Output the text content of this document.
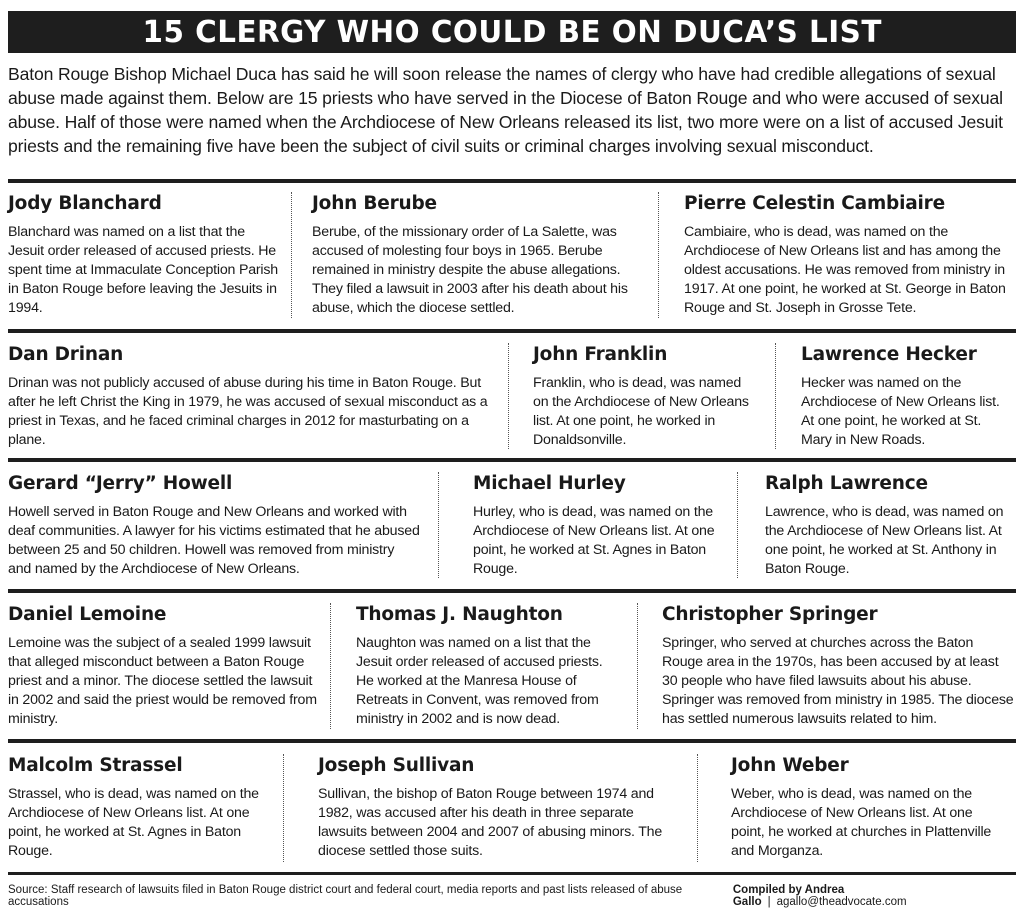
15 CLERGY WHO COULD BE ON DUCA’S LIST
Baton Rouge Bishop Michael Duca has said he will soon release the names of clergy who have had credible allegations of sexual abuse made against them. Below are 15 priests who have served in the Diocese of Baton Rouge and who were accused of sexual abuse. Half of those were named when the Archdiocese of New Orleans released its list, two more were on a list of accused Jesuit priests and the remaining five have been the subject of civil suits or criminal charges involving sexual misconduct.
Jody Blanchard

Blanchard was named on a list that the Jesuit order released of accused priests. He spent time at Immaculate Conception Parish in Baton Rouge before leaving the Jesuits in 1994.

John Berube

Berube, of the missionary order of La Salette, was accused of molesting four boys in 1965. Berube remained in ministry despite the abuse allegations. They filed a lawsuit in 2003 after his death about his abuse, which the diocese settled.

Pierre Celestin Cambiaire

Cambiaire, who is dead, was named on the Archdiocese of New Orleans list and has among the oldest accusations. He was removed from ministry in 1917. At one point, he worked at St. George in Baton Rouge and St. Joseph in Grosse Tete.

Dan Drinan

Drinan was not publicly accused of abuse during his time in Baton Rouge. But after he left Christ the King in 1979, he was accused of sexual misconduct as a priest in Texas, and he faced criminal charges in 2012 for masturbating on a plane.

John Franklin

Franklin, who is dead, was named on the Archdiocese of New Orleans list. At one point, he worked in Donaldsonville.

Lawrence Hecker

Hecker was named on the Archdiocese of New Orleans list. At one point, he worked at St. Mary in New Roads.

Gerard “Jerry” Howell

Howell served in Baton Rouge and New Orleans and worked with deaf communities. A lawyer for his victims estimated that he abused between 25 and 50 children. Howell was removed from ministry and named by the Archdiocese of New Orleans.

Michael Hurley

Hurley, who is dead, was named on the Archdiocese of New Orleans list. At one point, he worked at St. Agnes in Baton Rouge.

Ralph Lawrence

Lawrence, who is dead, was named on the Archdiocese of New Orleans list. At one point, he worked at St. Anthony in Baton Rouge.

Daniel Lemoine

Lemoine was the subject of a sealed 1999 lawsuit that alleged misconduct between a Baton Rouge priest and a minor. The diocese settled the lawsuit in 2002 and said the priest would be removed from ministry.

Thomas J. Naughton

Naughton was named on a list that the Jesuit order released of accused priests. He worked at the Manresa House of Retreats in Convent, was removed from ministry in 2002 and is now dead.

Christopher Springer

Springer, who served at churches across the Baton Rouge area in the 1970s, has been accused by at least 30 people who have filed lawsuits about his abuse. Springer was removed from ministry in 1985. The diocese has settled numerous lawsuits related to him.

Malcolm Strassel

Strassel, who is dead, was named on the Archdiocese of New Orleans list. At one point, he worked at St. Agnes in Baton Rouge.

Joseph Sullivan

Sullivan, the bishop of Baton Rouge between 1974 and 1982, was accused after his death in three separate lawsuits between 2004 and 2007 of abusing minors. The diocese settled those suits.

John Weber

Weber, who is dead, was named on the Archdiocese of New Orleans list. At one point, he worked at churches in Plattenville and Morganza.

Source: Staff research of lawsuits filed in Baton Rouge district court and federal court, media reports and past lists released of abuse accusations
Compiled by Andrea Gallo | agallo@theadvocate.com
